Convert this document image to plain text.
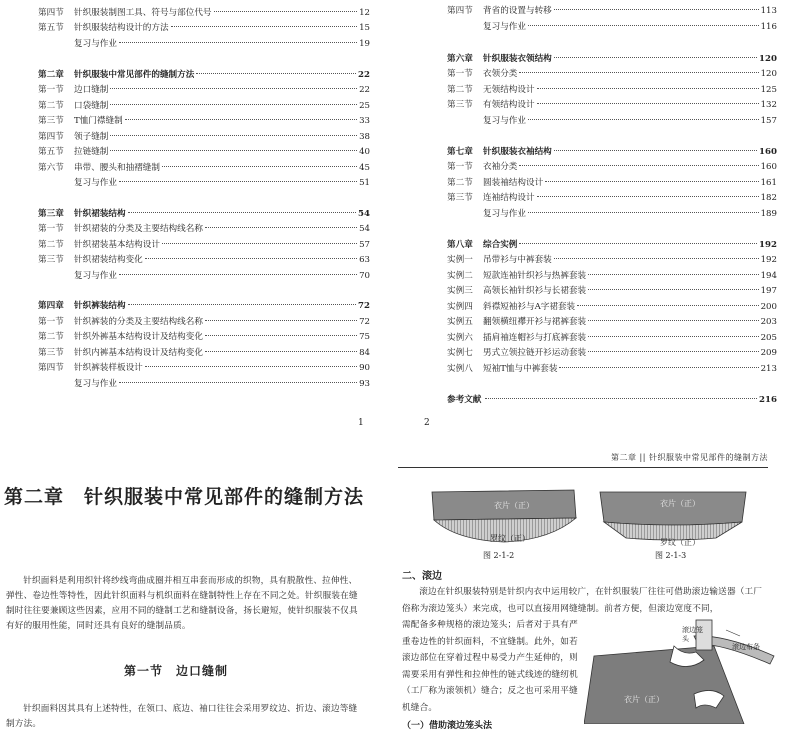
第四节	针织服装制图工具、符号与部位代号	12
第五节	针织服装结构设计的方法	15
复习与作业	19
第二章	针织服装中常见部件的缝制方法	22
第一节	边口缝制	22
第二节	口袋缝制	25
第三节	T恤门襟缝制	33
第四节	领子缝制	38
第五节	拉链缝制	40
第六节	串带、腰头和抽褶缝制	45
复习与作业	51
第三章	针织裙装结构	54
第一节	针织裙装的分类及主要结构线名称	54
第二节	针织裙装基本结构设计	57
第三节	针织裙装结构变化	63
复习与作业	70
第四章	针织裤装结构	72
第一节	针织裤装的分类及主要结构线名称	72
第二节	针织外裤基本结构设计及结构变化	75
第三节	针织内裤基本结构设计及结构变化	84
第四节	针织裤装样板设计	90
复习与作业	93
第四节	背省的设置与转移	113
复习与作业	116
第六章	针织服装衣领结构	120
第一节	衣领分类	120
第二节	无领结构设计	125
第三节	有领结构设计	132
复习与作业	157
第七章	针织服装衣袖结构	160
第一节	衣袖分类	160
第二节	圆装袖结构设计	161
第三节	连袖结构设计	182
复习与作业	189
第八章	综合实例	192
实例一	吊带衫与中裤套装	192
实例二	短款连袖针织衫与热裤套装	194
实例三	高领长袖针织衫与长裙套装	197
实例四	斜襟短袖衫与A字裙套装	200
实例五	翻领横纽襻开衫与裙裤套装	203
实例六	插肩袖连帽衫与打底裤套装	205
实例七	男式立领拉链开衫运动套装	209
实例八	短袖T恤与中裤套装	213
参考文献	216
1	2
第二章 || 针织服装中常见部件的缝制方法
第二章　针织服装中常见部件的缝制方法
针织面料是利用织针将纱线弯曲成圈并相互串套而形成的织物，具有脱散性、拉伸性、弹性、卷边性等特性，因此针织面料与机织面料在缝制特性上存在不同之处。针织服装在缝制时往往要兼顾这些因素，应用不同的缝制工艺和缝制设备，扬长避短，使针织服装不仅具有好的服用性能，同时还具有良好的缝制品质。
第一节　边口缝制
针织面料因其具有上述特性，在领口、底边、袖口往往会采用罗纹边、折边、滚边等缝制方法。
衣片（正）
罗纹（正）
图 2-1-2
衣片（正）
罗纹（正）
图 2-1-3
二、滚边
滚边在针织服装特别是针织内衣中运用较广，在针织服装厂往往可借助滚边输送器（工厂俗称为滚边笼头）来完成，也可以直接用网缝缝制。前者方便，但滚边宽度不同，
需配备多种规格的滚边笼头；后者对于具有严重卷边性的针织面料，不宜缝制。此外，如若滚边部位在穿着过程中易受力产生延伸的，则需要采用有弹性和拉伸性的链式线迹的缝纫机（工厂称为滚领机）缝合；反之也可采用平缝机缝合。
滚边笼头
滚边布条
衣片（正）
（一）借助滚边笼头法
